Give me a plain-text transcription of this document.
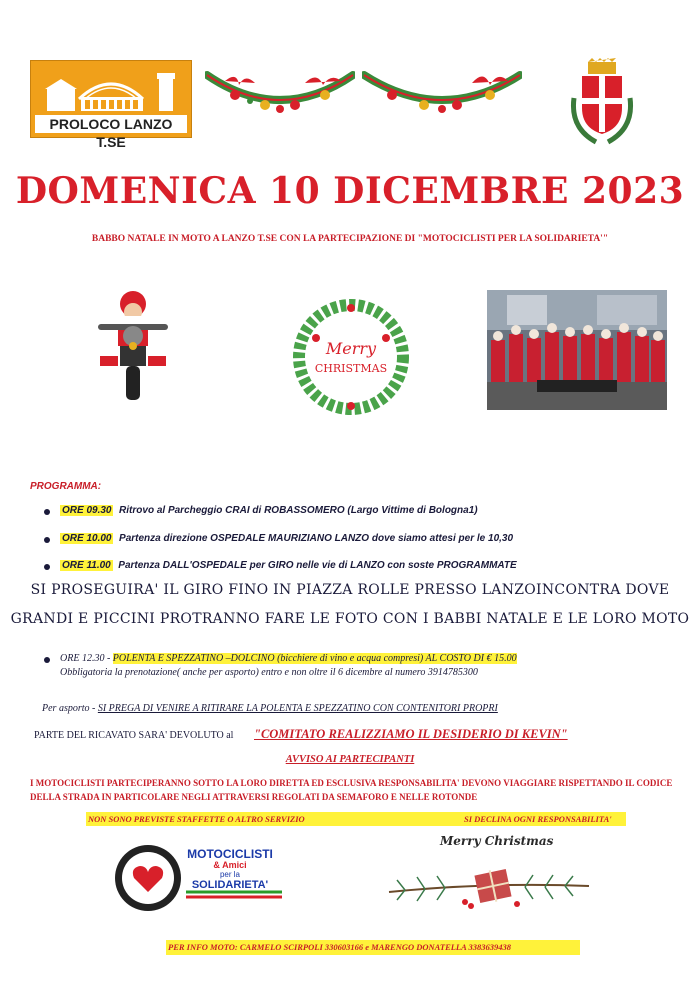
PROLOCO LANZO T.SE
DOMENICA 10 DICEMBRE 2023
BABBO NATALE IN MOTO A LANZO T.SE CON LA PARTECIPAZIONE DI "MOTOCICLISTI PER LA SOLIDARIETA'"
Merry
CHRISTMAS
PROGRAMMA:
ORE 09.30 Ritrovo al Parcheggio CRAI di ROBASSOMERO (Largo Vittime di Bologna1)
ORE 10.00 Partenza direzione OSPEDALE MAURIZIANO LANZO dove siamo attesi per le 10,30
ORE 11.00 Partenza DALL'OSPEDALE per GIRO nelle vie di LANZO con soste PROGRAMMATE
SI PROSEGUIRA' IL GIRO FINO IN PIAZZA ROLLE PRESSO LANZOINCONTRA DOVE
GRANDI E PICCINI PROTRANNO FARE LE FOTO CON I BABBI NATALE E LE LORO MOTO
ORE 12.30 - POLENTA E SPEZZATINO –DOLCINO (bicchiere di vino e acqua compresi) AL COSTO DI € 15.00
Obbligatoria la prenotazione( anche per asporto) entro e non oltre il 6 dicembre al numero 3914785300
Per asporto - SI PREGA DI VENIRE A RITIRARE LA POLENTA E SPEZZATINO CON CONTENITORI PROPRI
PARTE DEL RICAVATO SARA' DEVOLUTO al "COMITATO REALIZZIAMO IL DESIDERIO DI KEVIN"
AVVISO AI PARTECIPANTI
I MOTOCICLISTI PARTECIPERANNO SOTTO LA LORO DIRETTA ED ESCLUSIVA RESPONSABILITA' DEVONO VIAGGIARE RISPETTANDO IL CODICE
DELLA STRADA IN PARTICOLARE NEGLI ATTRAVERSI REGOLATI DA SEMAFORO E NELLE ROTONDE
NON SONO PREVISTE STAFFETTE O ALTRO SERVIZIO	SI DECLINA OGNI RESPONSABILITA'
MOTOCICLISTI
& Amici
per la
SOLIDARIETA'
Merry Christmas
PER INFO MOTO: CARMELO SCIRPOLI 330603166 e MARENGO DONATELLA 3383639438
